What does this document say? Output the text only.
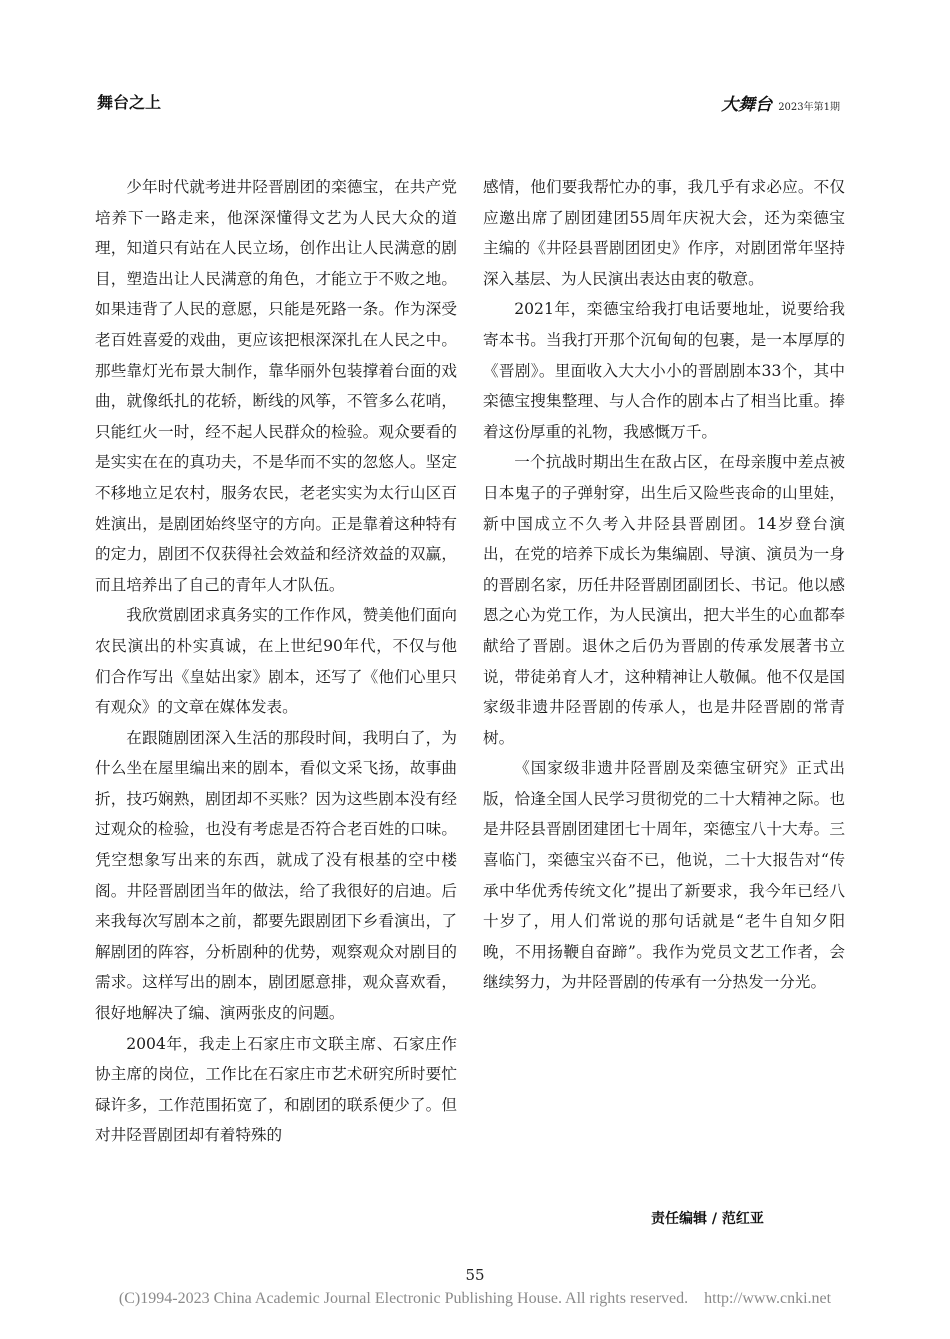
舞台之上	大舞台 2023年第1期

少年时代就考进井陉晋剧团的栾德宝，在共产党培养下一路走来，他深深懂得文艺为人民大众的道理，知道只有站在人民立场，创作出让人民满意的剧目，塑造出让人民满意的角色，才能立于不败之地。如果违背了人民的意愿，只能是死路一条。作为深受老百姓喜爱的戏曲，更应该把根深深扎在人民之中。那些靠灯光布景大制作，靠华丽外包装撑着台面的戏曲，就像纸扎的花轿，断线的风筝，不管多么花哨，只能红火一时，经不起人民群众的检验。观众要看的是实实在在的真功夫，不是华而不实的忽悠人。坚定不移地立足农村，服务农民，老老实实为太行山区百姓演出，是剧团始终坚守的方向。正是靠着这种特有的定力，剧团不仅获得社会效益和经济效益的双赢，而且培养出了自己的青年人才队伍。

我欣赏剧团求真务实的工作作风，赞美他们面向农民演出的朴实真诚，在上世纪90年代，不仅与他们合作写出《皇姑出家》剧本，还写了《他们心里只有观众》的文章在媒体发表。

在跟随剧团深入生活的那段时间，我明白了，为什么坐在屋里编出来的剧本，看似文采飞扬，故事曲折，技巧娴熟，剧团却不买账？因为这些剧本没有经过观众的检验，也没有考虑是否符合老百姓的口味。凭空想象写出来的东西，就成了没有根基的空中楼阁。井陉晋剧团当年的做法，给了我很好的启迪。后来我每次写剧本之前，都要先跟剧团下乡看演出，了解剧团的阵容，分析剧种的优势，观察观众对剧目的需求。这样写出的剧本，剧团愿意排，观众喜欢看，很好地解决了编、演两张皮的问题。

2004年，我走上石家庄市文联主席、石家庄作协主席的岗位，工作比在石家庄市艺术研究所时要忙碌许多，工作范围拓宽了，和剧团的联系便少了。但对井陉晋剧团却有着特殊的

感情，他们要我帮忙办的事，我几乎有求必应。不仅应邀出席了剧团建团55周年庆祝大会，还为栾德宝主编的《井陉县晋剧团团史》作序，对剧团常年坚持深入基层、为人民演出表达由衷的敬意。

2021年，栾德宝给我打电话要地址，说要给我寄本书。当我打开那个沉甸甸的包裹，是一本厚厚的《晋剧》。里面收入大大小小的晋剧剧本33个，其中栾德宝搜集整理、与人合作的剧本占了相当比重。捧着这份厚重的礼物，我感慨万千。

一个抗战时期出生在敌占区，在母亲腹中差点被日本鬼子的子弹射穿，出生后又险些丧命的山里娃，新中国成立不久考入井陉县晋剧团。14岁登台演出，在党的培养下成长为集编剧、导演、演员为一身的晋剧名家，历任井陉晋剧团副团长、书记。他以感恩之心为党工作，为人民演出，把大半生的心血都奉献给了晋剧。退休之后仍为晋剧的传承发展著书立说，带徒弟育人才，这种精神让人敬佩。他不仅是国家级非遗井陉晋剧的传承人，也是井陉晋剧的常青树。

《国家级非遗井陉晋剧及栾德宝研究》正式出版，恰逢全国人民学习贯彻党的二十大精神之际。也是井陉县晋剧团建团七十周年，栾德宝八十大寿。三喜临门，栾德宝兴奋不已，他说，二十大报告对“传承中华优秀传统文化”提出了新要求，我今年已经八十岁了，用人们常说的那句话就是“老牛自知夕阳晚，不用扬鞭自奋蹄”。我作为党员文艺工作者，会继续努力，为井陉晋剧的传承有一分热发一分光。

责任编辑 / 范红亚
55
(C)1994-2023 China Academic Journal Electronic Publishing House. All rights reserved.    http://www.cnki.net
